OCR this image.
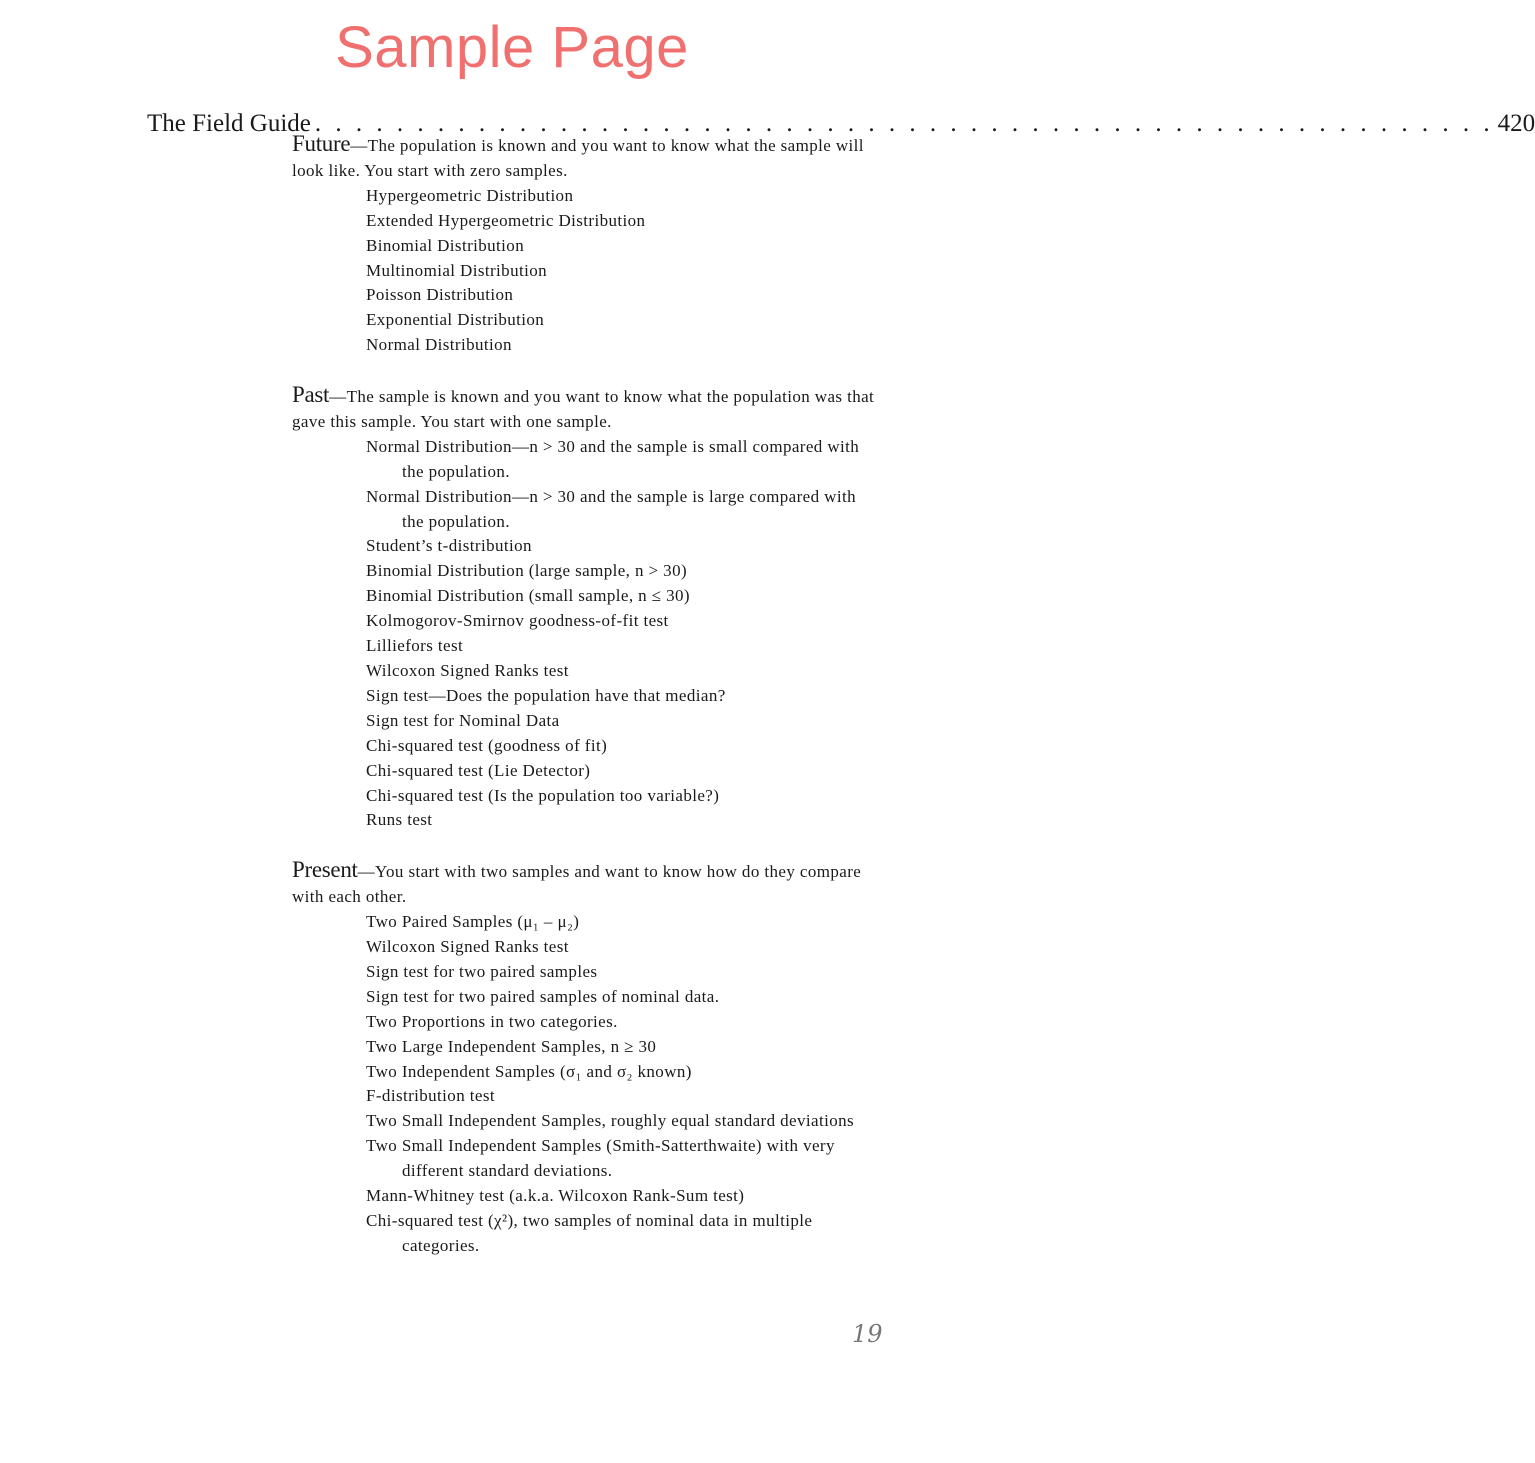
Sample Page
The Field Guide . . . . . . . . . . . . . . . . . . . . . . . . . . . . . . . . . . . . . . . . . . . . . . . . . . . . . . . . . . 420

Future—The population is known and you want to know what the sample will look like. You start with zero samples.

Hypergeometric Distribution
Extended Hypergeometric Distribution
Binomial Distribution
Multinomial Distribution
Poisson Distribution
Exponential Distribution
Normal Distribution

Past—The sample is known and you want to know what the population was that gave this sample. You start with one sample.

Normal Distribution—n > 30 and the sample is small compared with the population.
Normal Distribution—n > 30 and the sample is large compared with the population.
Student’s t-distribution
Binomial Distribution (large sample, n > 30)
Binomial Distribution (small sample, n ≤ 30)
Kolmogorov-Smirnov goodness-of-fit test
Lilliefors test
Wilcoxon Signed Ranks test
Sign test—Does the population have that median?
Sign test for Nominal Data
Chi-squared test (goodness of fit)
Chi-squared test (Lie Detector)
Chi-squared test (Is the population too variable?)
Runs test

Present—You start with two samples and want to know how do they compare with each other.

Two Paired Samples (μ₁ – μ₂)
Wilcoxon Signed Ranks test
Sign test for two paired samples
Sign test for two paired samples of nominal data.
Two Proportions in two categories.
Two Large Independent Samples, n ≥ 30
Two Independent Samples (σ₁ and σ₂ known)
F-distribution test
Two Small Independent Samples, roughly equal standard deviations
Two Small Independent Samples (Smith-Satterthwaite) with very different standard deviations.
Mann-Whitney test (a.k.a. Wilcoxon Rank-Sum test)
Chi-squared test (χ²), two samples of nominal data in multiple categories.
19
